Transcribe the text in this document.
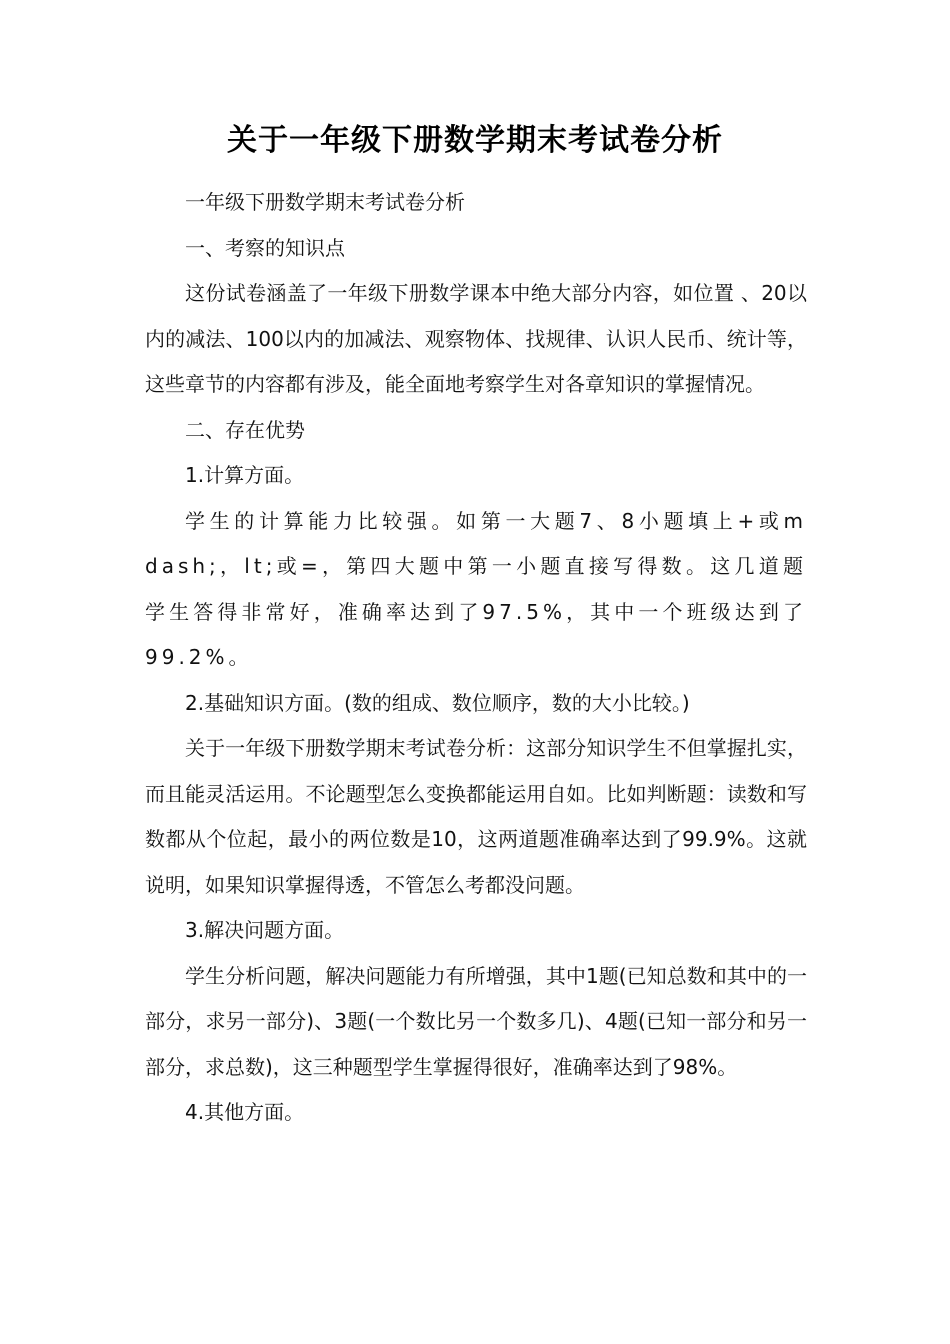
关于一年级下册数学期末考试卷分析

一年级下册数学期末考试卷分析

一、考察的知识点

这份试卷涵盖了一年级下册数学课本中绝大部分内容，如位置 、20以内的减法、100以内的加减法、观察物体、找规律、认识人民币、统计等，这些章节的内容都有涉及，能全面地考察学生对各章知识的掌握情况。

二、存在优势

1.计算方面。

学生的计算能力比较强。如第一大题7、8小题填上+或mdash;，lt;或=，第四大题中第一小题直接写得数。这几道题学生答得非常好，准确率达到了97.5%，其中一个班级达到了99.2%。

2.基础知识方面。(数的组成、数位顺序，数的大小比较。)

关于一年级下册数学期末考试卷分析：这部分知识学生不但掌握扎实，而且能灵活运用。不论题型怎么变换都能运用自如。比如判断题：读数和写数都从个位起，最小的两位数是10，这两道题准确率达到了99.9%。这就说明，如果知识掌握得透，不管怎么考都没问题。

3.解决问题方面。

学生分析问题，解决问题能力有所增强，其中1题(已知总数和其中的一部分，求另一部分)、3题(一个数比另一个数多几)、4题(已知一部分和另一部分，求总数)，这三种题型学生掌握得很好，准确率达到了98%。

4.其他方面。
